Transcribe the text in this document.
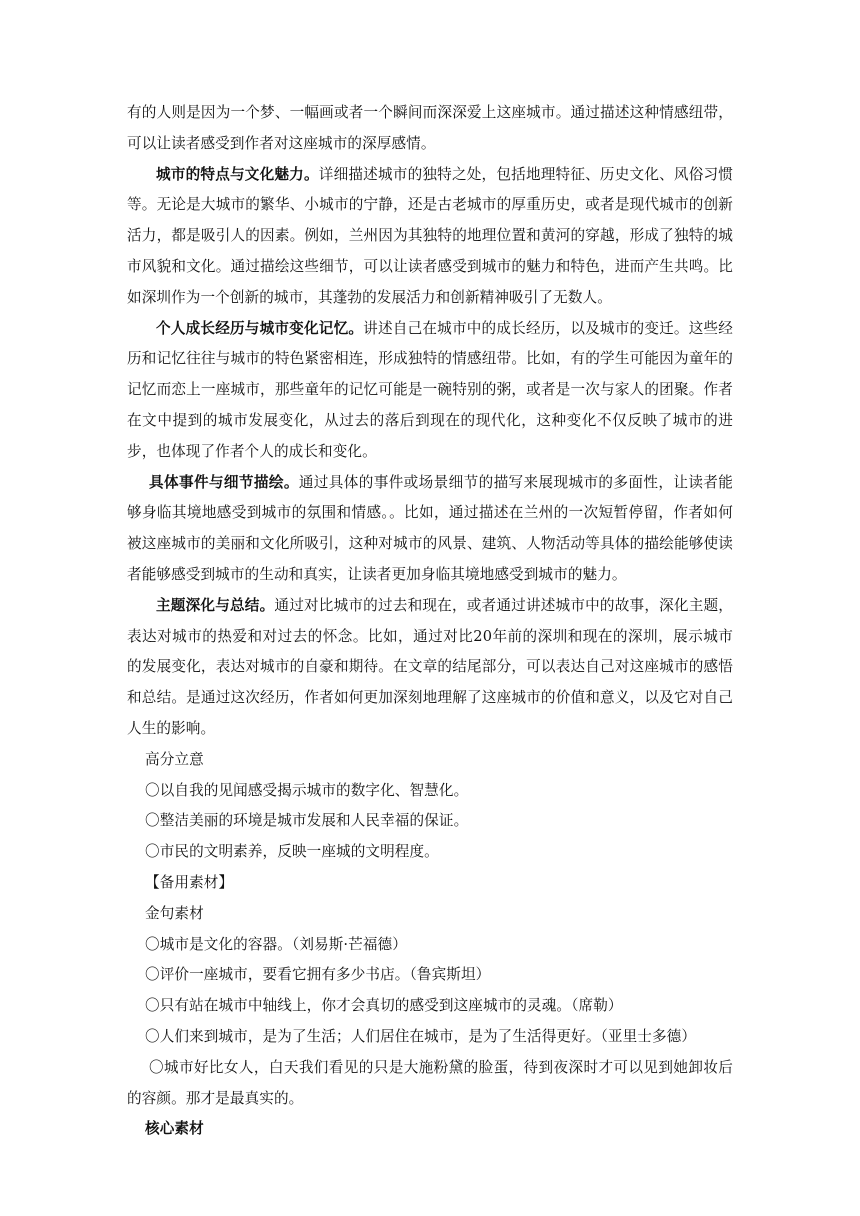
有的人则是因为一个梦、一幅画或者一个瞬间而深深爱上这座城市。通过描述这种情感纽带，可以让读者感受到作者对这座城市的深厚感情。

城市的特点与文化魅力。详细描述城市的独特之处，包括地理特征、历史文化、风俗习惯等。无论是大城市的繁华、小城市的宁静，还是古老城市的厚重历史，或者是现代城市的创新活力，都是吸引人的因素。例如，兰州因为其独特的地理位置和黄河的穿越，形成了独特的城市风貌和文化。通过描绘这些细节，可以让读者感受到城市的魅力和特色，进而产生共鸣。比如深圳作为一个创新的城市，其蓬勃的发展活力和创新精神吸引了无数人。

个人成长经历与城市变化记忆。讲述自己在城市中的成长经历，以及城市的变迁。这些经历和记忆往往与城市的特色紧密相连，形成独特的情感纽带。比如，有的学生可能因为童年的记忆而恋上一座城市，那些童年的记忆可能是一碗特别的粥，或者是一次与家人的团聚。作者在文中提到的城市发展变化，从过去的落后到现在的现代化，这种变化不仅反映了城市的进步，也体现了作者个人的成长和变化。

具体事件与细节描绘。通过具体的事件或场景细节的描写来展现城市的多面性，让读者能够身临其境地感受到城市的氛围和情感。。比如，通过描述在兰州的一次短暂停留，作者如何被这座城市的美丽和文化所吸引，这种对城市的风景、建筑、人物活动等具体的描绘能够使读者能够感受到城市的生动和真实，让读者更加身临其境地感受到城市的魅力。

主题深化与总结。通过对比城市的过去和现在，或者通过讲述城市中的故事，深化主题，表达对城市的热爱和对过去的怀念。比如，通过对比20年前的深圳和现在的深圳，展示城市的发展变化，表达对城市的自豪和期待。在文章的结尾部分，可以表达自己对这座城市的感悟和总结。是通过这次经历，作者如何更加深刻地理解了这座城市的价值和意义，以及它对自己人生的影响。

高分立意

〇以自我的见闻感受揭示城市的数字化、智慧化。

〇整洁美丽的环境是城市发展和人民幸福的保证。

〇市民的文明素养，反映一座城的文明程度。

【备用素材】

金句素材

〇城市是文化的容器。（刘易斯·芒福德）

〇评价一座城市，要看它拥有多少书店。（鲁宾斯坦）

〇只有站在城市中轴线上，你才会真切的感受到这座城市的灵魂。（席勒）

〇人们来到城市，是为了生活；人们居住在城市，是为了生活得更好。（亚里士多德）

〇城市好比女人，白天我们看见的只是大施粉黛的脸蛋，待到夜深时才可以见到她卸妆后的容颜。那才是最真实的。

核心素材
